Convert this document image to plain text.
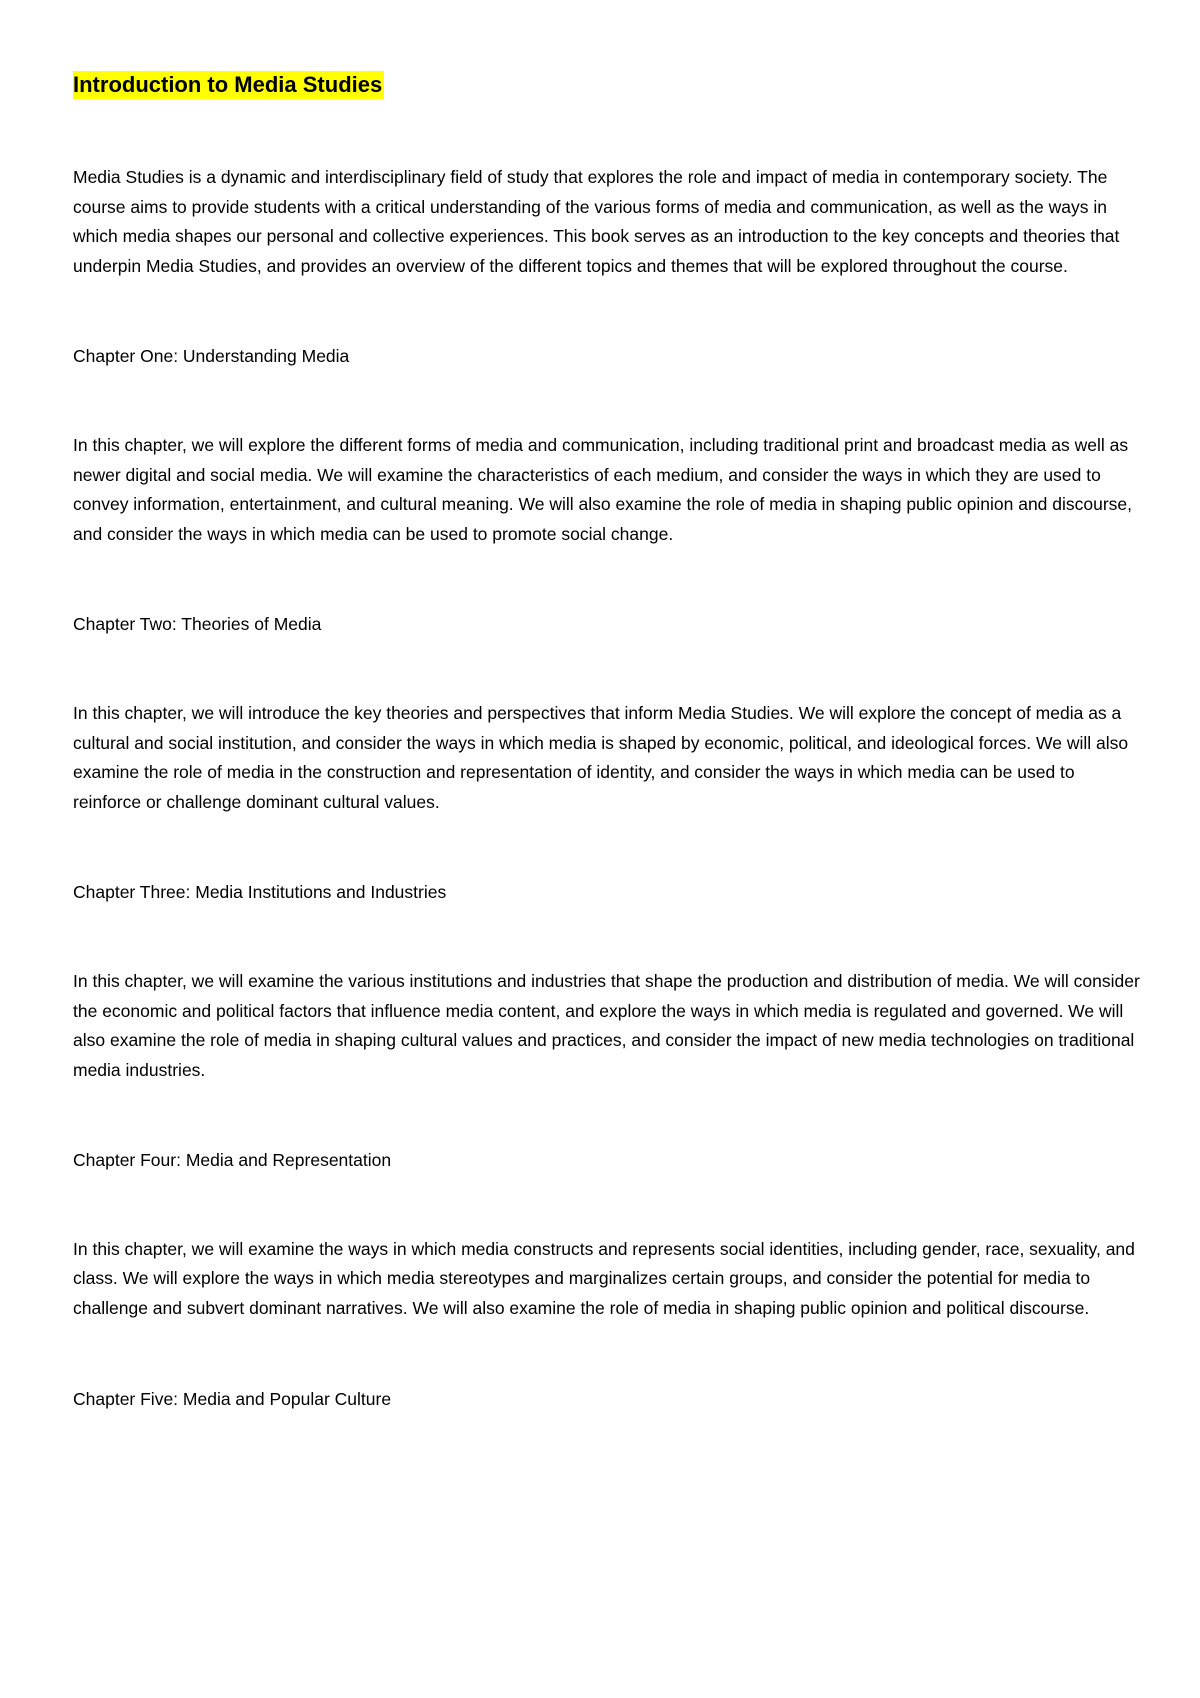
Introduction to Media Studies

Media Studies is a dynamic and interdisciplinary field of study that explores the role and impact of media in contemporary society. The course aims to provide students with a critical understanding of the various forms of media and communication, as well as the ways in which media shapes our personal and collective experiences. This book serves as an introduction to the key concepts and theories that underpin Media Studies, and provides an overview of the different topics and themes that will be explored throughout the course.

Chapter One: Understanding Media

In this chapter, we will explore the different forms of media and communication, including traditional print and broadcast media as well as newer digital and social media. We will examine the characteristics of each medium, and consider the ways in which they are used to convey information, entertainment, and cultural meaning. We will also examine the role of media in shaping public opinion and discourse, and consider the ways in which media can be used to promote social change.

Chapter Two: Theories of Media

In this chapter, we will introduce the key theories and perspectives that inform Media Studies. We will explore the concept of media as a cultural and social institution, and consider the ways in which media is shaped by economic, political, and ideological forces. We will also examine the role of media in the construction and representation of identity, and consider the ways in which media can be used to reinforce or challenge dominant cultural values.

Chapter Three: Media Institutions and Industries

In this chapter, we will examine the various institutions and industries that shape the production and distribution of media. We will consider the economic and political factors that influence media content, and explore the ways in which media is regulated and governed. We will also examine the role of media in shaping cultural values and practices, and consider the impact of new media technologies on traditional media industries.

Chapter Four: Media and Representation

In this chapter, we will examine the ways in which media constructs and represents social identities, including gender, race, sexuality, and class. We will explore the ways in which media stereotypes and marginalizes certain groups, and consider the potential for media to challenge and subvert dominant narratives. We will also examine the role of media in shaping public opinion and political discourse.

Chapter Five: Media and Popular Culture
